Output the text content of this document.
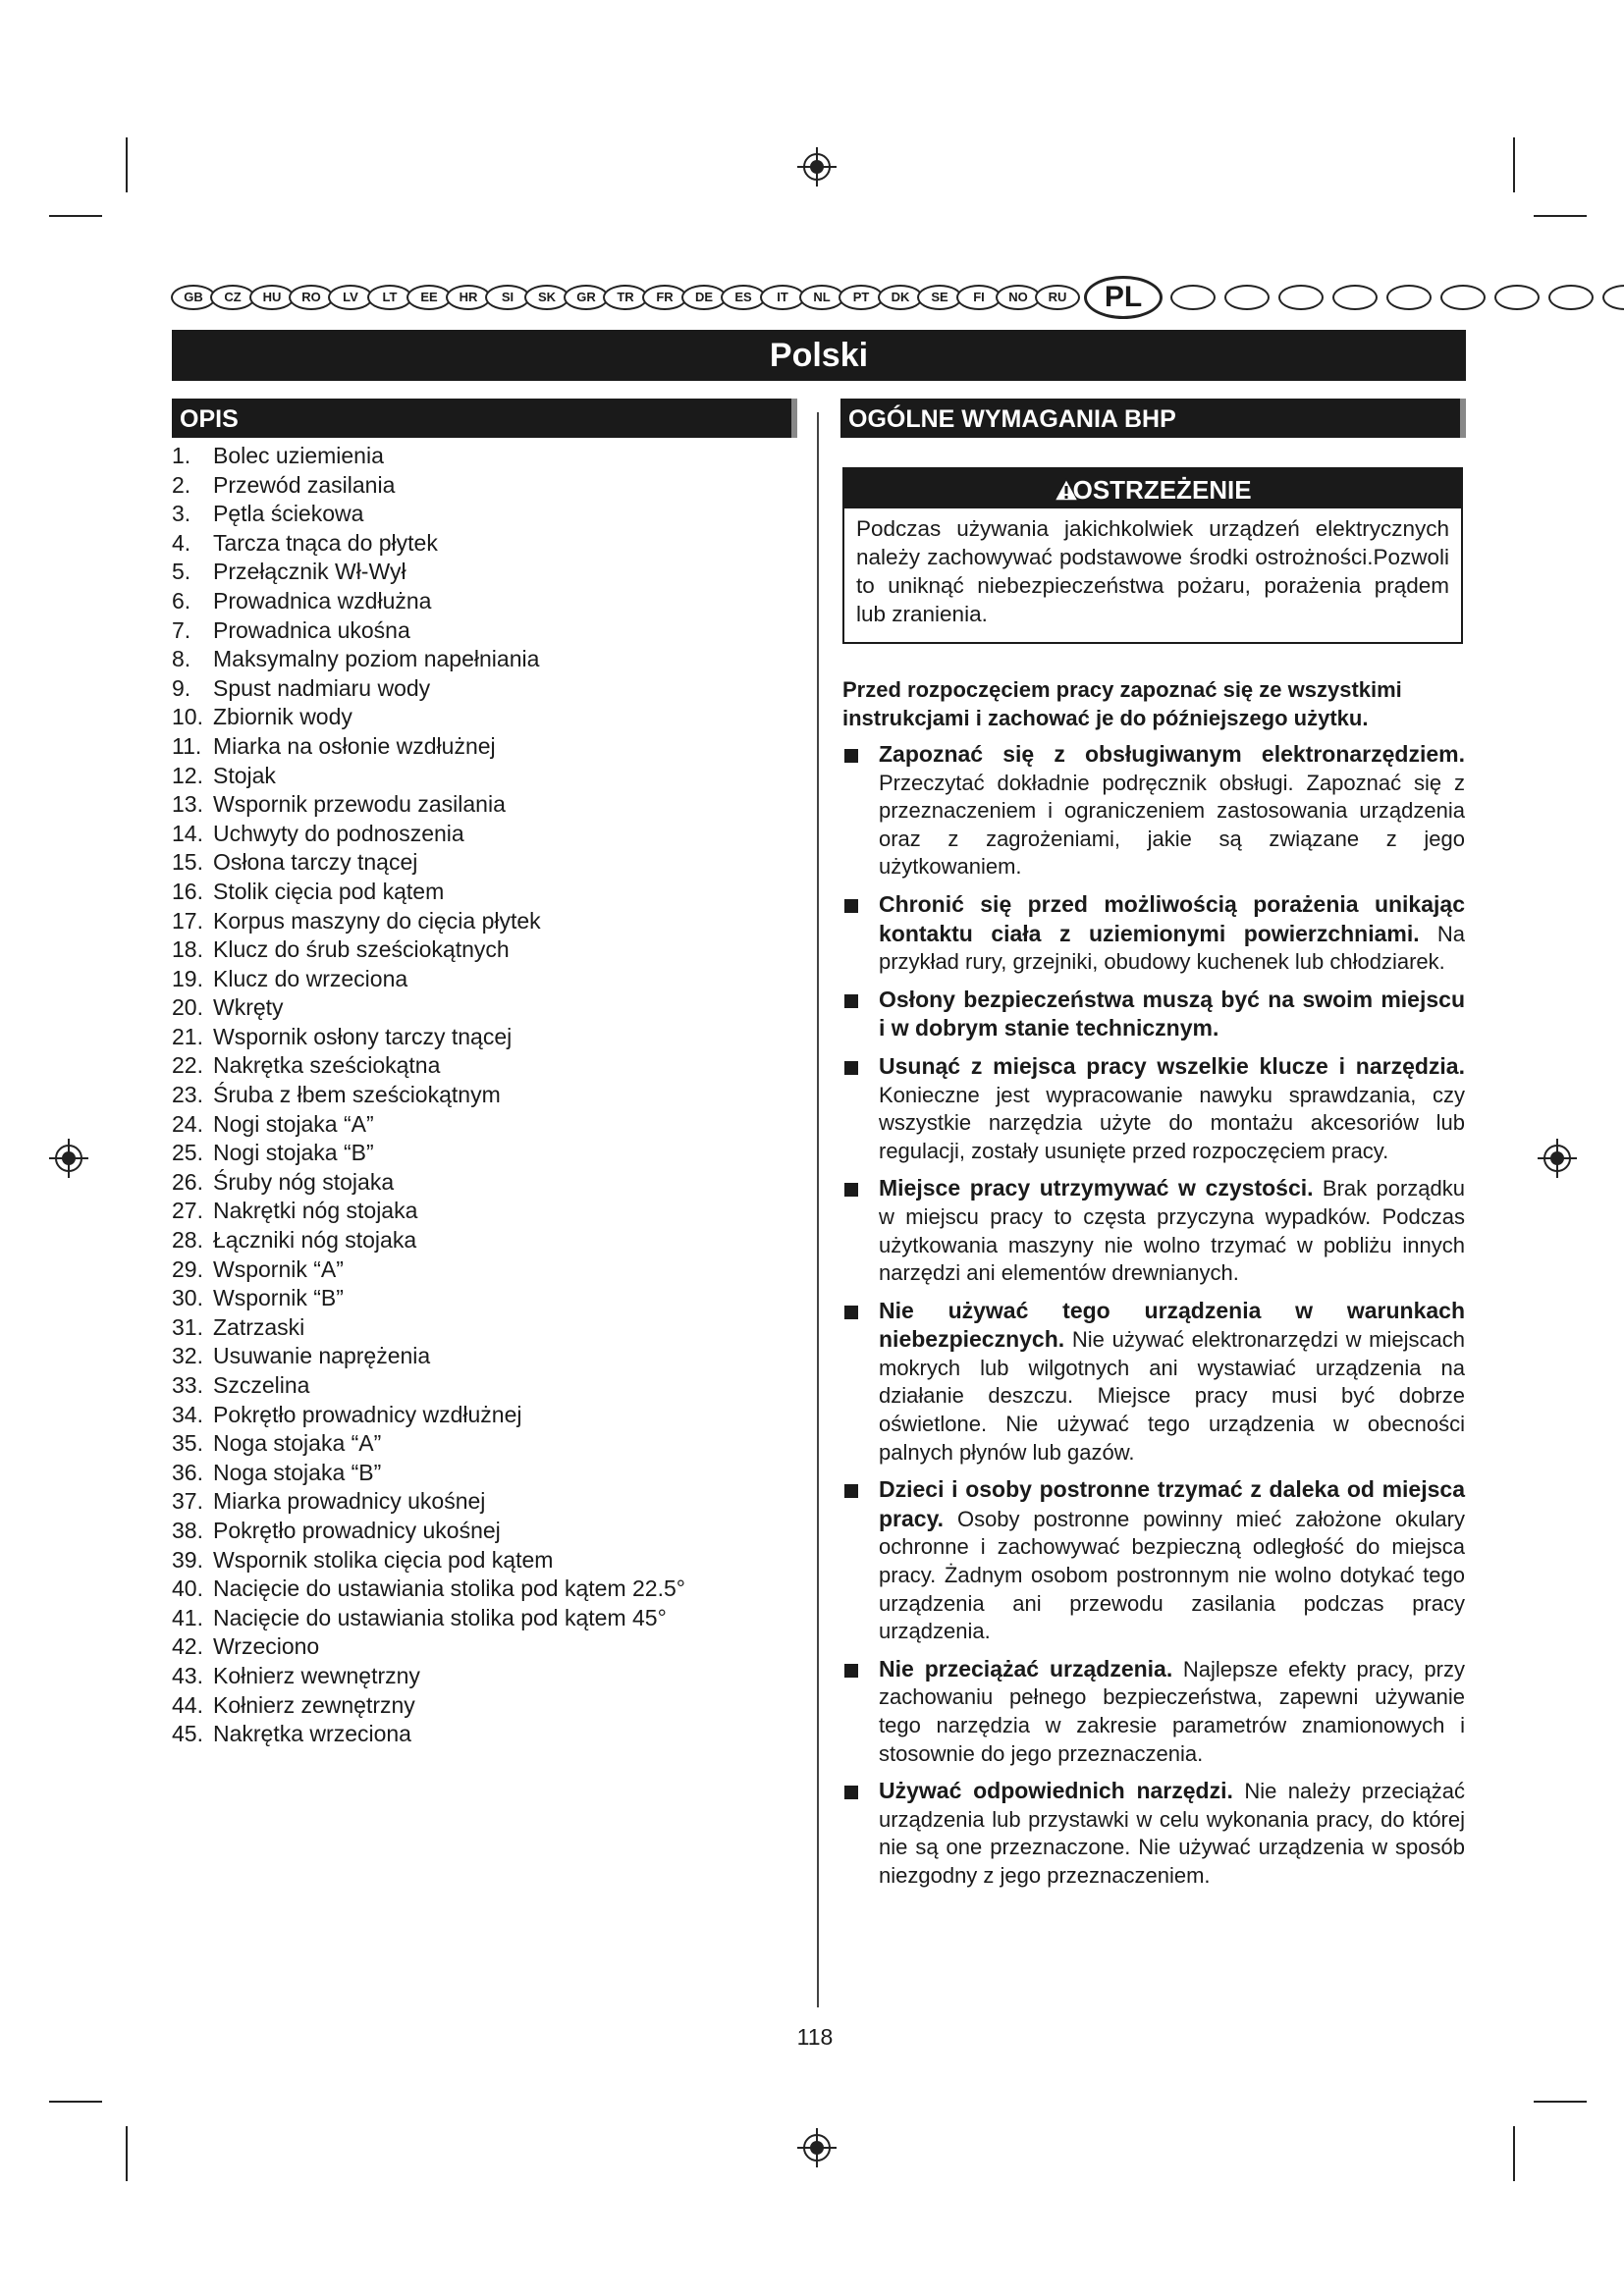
GB	CZ	HU	RO	LV	LT	EE	HR	SI	SK	GR	TR	FR	DE	ES	IT	NL	PT	DK	SE	FI	NO	RU	PL
Polski
OPIS
1. Bolec uziemienia
2. Przewód zasilania
3. Pętla ściekowa
4. Tarcza tnąca do płytek
5. Przełącznik Wł-Wył
6. Prowadnica wzdłużna
7. Prowadnica ukośna
8. Maksymalny poziom napełniania
9. Spust nadmiaru wody
10. Zbiornik wody
11. Miarka na osłonie wzdłużnej
12. Stojak
13. Wspornik przewodu zasilania
14. Uchwyty do podnoszenia
15. Osłona tarczy tnącej
16. Stolik cięcia pod kątem
17. Korpus maszyny do cięcia płytek
18. Klucz do śrub sześciokątnych
19. Klucz do wrzeciona
20. Wkręty
21. Wspornik osłony tarczy tnącej
22. Nakrętka sześciokątna
23. Śruba z łbem sześciokątnym
24. Nogi stojaka “A”
25. Nogi stojaka “B”
26. Śruby nóg stojaka
27. Nakrętki nóg stojaka
28. Łączniki nóg stojaka
29. Wspornik “A”
30. Wspornik “B”
31. Zatrzaski
32. Usuwanie naprężenia
33. Szczelina
34. Pokrętło prowadnicy wzdłużnej
35. Noga stojaka “A”
36. Noga stojaka “B”
37. Miarka prowadnicy ukośnej
38. Pokrętło prowadnicy ukośnej
39. Wspornik stolika cięcia pod kątem
40. Nacięcie do ustawiania stolika pod kątem 22.5°
41. Nacięcie do ustawiania stolika pod kątem 45°
42. Wrzeciono
43. Kołnierz wewnętrzny
44. Kołnierz zewnętrzny
45. Nakrętka wrzeciona
OGÓLNE WYMAGANIA BHP
OSTRZEŻENIE
Podczas używania jakichkolwiek urządzeń elektrycznych należy zachowywać podstawowe środki ostrożności.Pozwoli to uniknąć niebezpieczeństwa pożaru, porażenia prądem lub zranienia.
Przed rozpoczęciem pracy zapoznać się ze wszystkimi instrukcjami i zachować je do późniejszego użytku.
Zapoznać się z obsługiwanym elektronarzędziem. Przeczytać dokładnie podręcznik obsługi. Zapoznać się z przeznaczeniem i ograniczeniem zastosowania urządzenia oraz z zagrożeniami, jakie są związane z jego użytkowaniem.
Chronić się przed możliwością porażenia unikając kontaktu ciała z uziemionymi powierzchniami. Na przykład rury, grzejniki, obudowy kuchenek lub chłodziarek.
Osłony bezpieczeństwa muszą być na swoim miejscu i w dobrym stanie technicznym.
Usunąć z miejsca pracy wszelkie klucze i narzędzia. Konieczne jest wypracowanie nawyku sprawdzania, czy wszystkie narzędzia użyte do montażu akcesoriów lub regulacji, zostały usunięte przed rozpoczęciem pracy.
Miejsce pracy utrzymywać w czystości. Brak porządku w miejscu pracy to częsta przyczyna wypadków. Podczas użytkowania maszyny nie wolno trzymać w pobliżu innych narzędzi ani elementów drewnianych.
Nie używać tego urządzenia w warunkach niebezpiecznych. Nie używać elektronarzędzi w miejscach mokrych lub wilgotnych ani wystawiać urządzenia na działanie deszczu. Miejsce pracy musi być dobrze oświetlone. Nie używać tego urządzenia w obecności palnych płynów lub gazów.
Dzieci i osoby postronne trzymać z daleka od miejsca pracy. Osoby postronne powinny mieć założone okulary ochronne i zachowywać bezpieczną odległość do miejsca pracy. Żadnym osobom postronnym nie wolno dotykać tego urządzenia ani przewodu zasilania podczas pracy urządzenia.
Nie przeciążać urządzenia. Najlepsze efekty pracy, przy zachowaniu pełnego bezpieczeństwa, zapewni używanie tego narzędzia w zakresie parametrów znamionowych i stosownie do jego przeznaczenia.
Używać odpowiednich narzędzi. Nie należy przeciążać urządzenia lub przystawki w celu wykonania pracy, do której nie są one przeznaczone. Nie używać urządzenia w sposób niezgodny z jego przeznaczeniem.
118
